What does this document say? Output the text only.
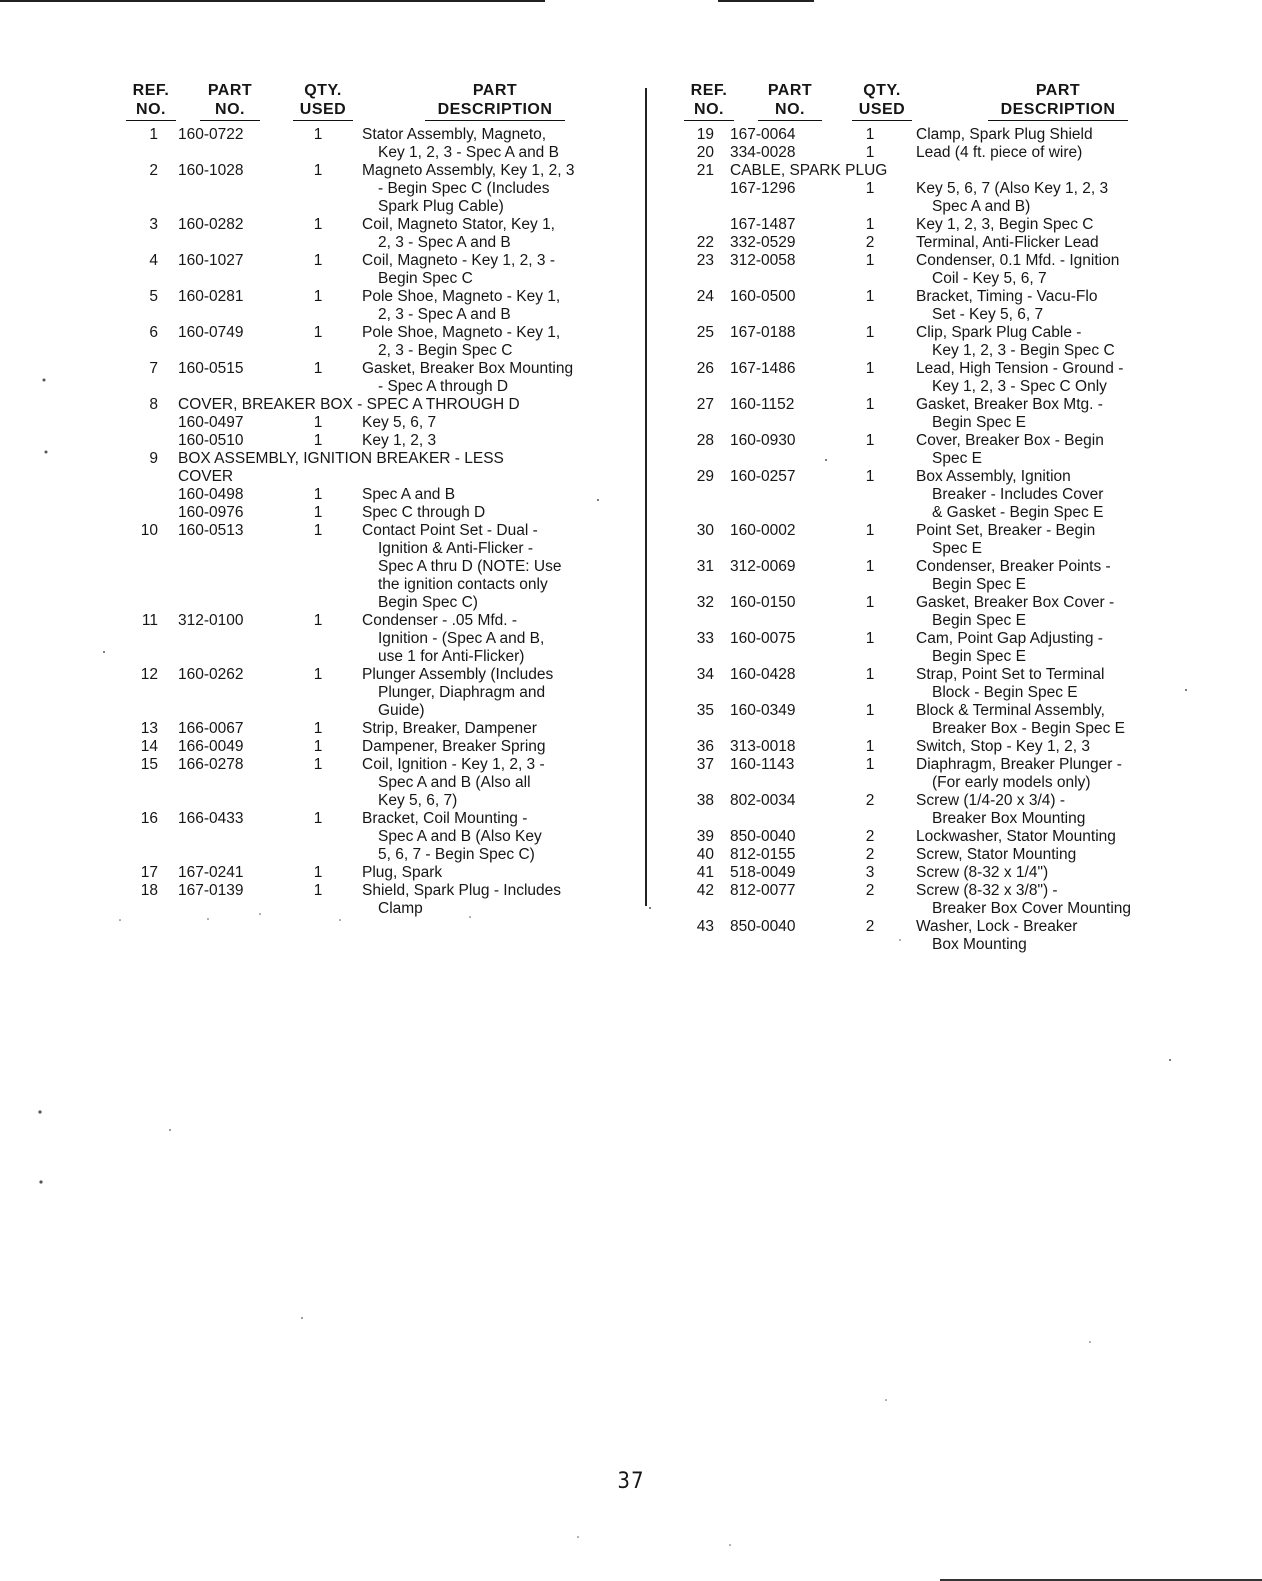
REF.
NO.
PART
NO.
QTY.
USED
PART
DESCRIPTION
REF.
NO.
PART
NO.
QTY.
USED
PART
DESCRIPTION
1 160-0722	1	Stator Assembly, Magneto,
Key 1, 2, 3 - Spec A and B
2 160-1028	1	Magneto Assembly, Key 1, 2, 3
- Begin Spec C (Includes
Spark Plug Cable)
3 160-0282	1	Coil, Magneto Stator, Key 1,
2, 3 - Spec A and B
4 160-1027	1	Coil, Magneto - Key 1, 2, 3 -
Begin Spec C
5 160-0281	1	Pole Shoe, Magneto - Key 1,
2, 3 - Spec A and B
6 160-0749	1	Pole Shoe, Magneto - Key 1,
2, 3 - Begin Spec C
7 160-0515	1	Gasket, Breaker Box Mounting
- Spec A through D
8 COVER, BREAKER BOX - SPEC A THROUGH D
160-0497	1	Key 5, 6, 7
160-0510	1	Key 1, 2, 3
9 BOX ASSEMBLY, IGNITION BREAKER - LESS
COVER
160-0498	1	Spec A and B
160-0976	1	Spec C through D
10 160-0513	1	Contact Point Set - Dual -
Ignition & Anti-Flicker -
Spec A thru D (NOTE: Use
the ignition contacts only
Begin Spec C)
11 312-0100	1	Condenser - .05 Mfd. -
Ignition - (Spec A and B,
use 1 for Anti-Flicker)
12 160-0262	1	Plunger Assembly (Includes
Plunger, Diaphragm and
Guide)
13 166-0067	1	Strip, Breaker, Dampener
14 166-0049	1	Dampener, Breaker Spring
15 166-0278	1	Coil, Ignition - Key 1, 2, 3 -
Spec A and B (Also all
Key 5, 6, 7)
16 166-0433	1	Bracket, Coil Mounting -
Spec A and B (Also Key
5, 6, 7 - Begin Spec C)
17 167-0241	1	Plug, Spark
18 167-0139	1	Shield, Spark Plug - Includes
Clamp
19 167-0064	1	Clamp, Spark Plug Shield
20 334-0028	1	Lead (4 ft. piece of wire)
21 CABLE, SPARK PLUG
167-1296	1	Key 5, 6, 7 (Also Key 1, 2, 3
Spec A and B)
167-1487	1	Key 1, 2, 3, Begin Spec C
22 332-0529	2	Terminal, Anti-Flicker Lead
23 312-0058	1	Condenser, 0.1 Mfd. - Ignition
Coil - Key 5, 6, 7
24 160-0500	1	Bracket, Timing - Vacu-Flo
Set - Key 5, 6, 7
25 167-0188	1	Clip, Spark Plug Cable -
Key 1, 2, 3 - Begin Spec C
26 167-1486	1	Lead, High Tension - Ground -
Key 1, 2, 3 - Spec C Only
27 160-1152	1	Gasket, Breaker Box Mtg. -
Begin Spec E
28 160-0930	1	Cover, Breaker Box - Begin
Spec E
29 160-0257	1	Box Assembly, Ignition
Breaker - Includes Cover
& Gasket - Begin Spec E
30 160-0002	1	Point Set, Breaker - Begin
Spec E
31 312-0069	1	Condenser, Breaker Points -
Begin Spec E
32 160-0150	1	Gasket, Breaker Box Cover -
Begin Spec E
33 160-0075	1	Cam, Point Gap Adjusting -
Begin Spec E
34 160-0428	1	Strap, Point Set to Terminal
Block - Begin Spec E
35 160-0349	1	Block & Terminal Assembly,
Breaker Box - Begin Spec E
36 313-0018	1	Switch, Stop - Key 1, 2, 3
37 160-1143	1	Diaphragm, Breaker Plunger -
(For early models only)
38 802-0034	2	Screw (1/4-20 x 3/4) -
Breaker Box Mounting
39 850-0040	2	Lockwasher, Stator Mounting
40 812-0155	2	Screw, Stator Mounting
41 518-0049	3	Screw (8-32 x 1/4")
42 812-0077	2	Screw (8-32 x 3/8") -
Breaker Box Cover Mounting
43 850-0040	2	Washer, Lock - Breaker
Box Mounting
37
